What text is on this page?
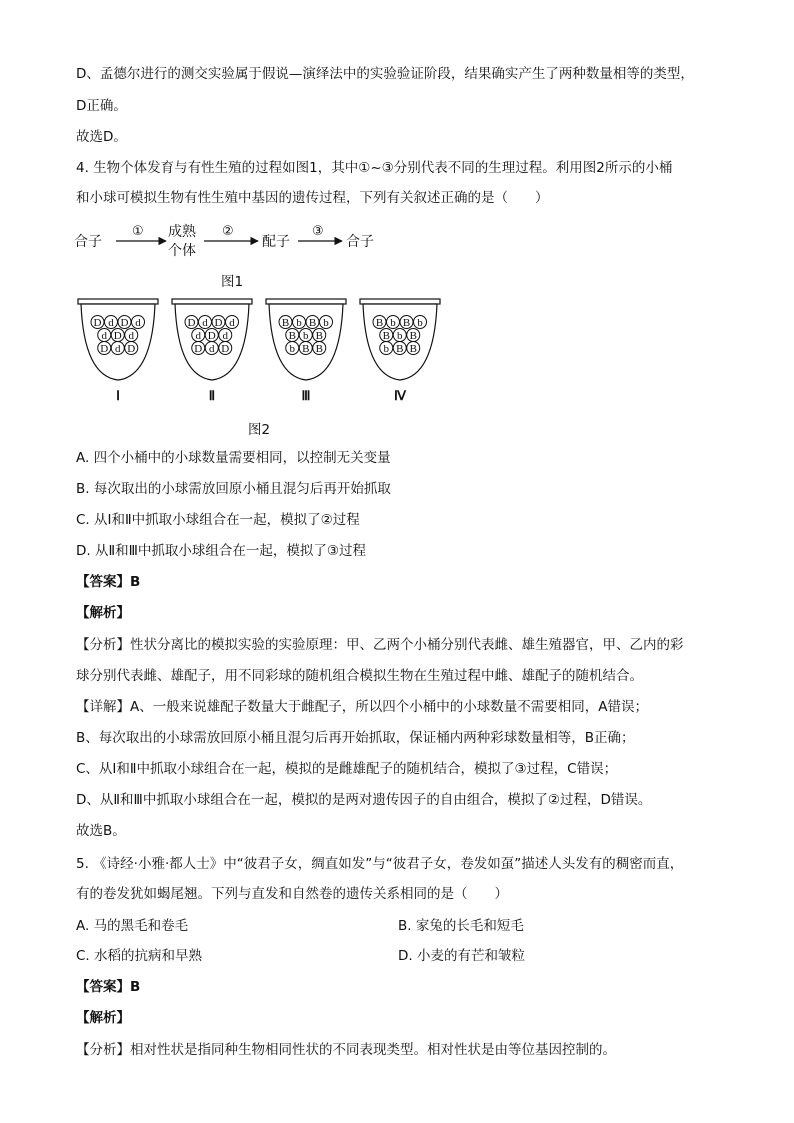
D、孟德尔进行的测交实验属于假说—演绎法中的实验验证阶段，结果确实产生了两种数量相等的类型，
D正确。
故选D。
4. 生物个体发育与有性生殖的过程如图1，其中①~③分别代表不同的生理过程。利用图2所示的小桶
和小球可模拟生物有性生殖中基因的遗传过程，下列有关叙述正确的是（　　）
合子
① 成熟
个体
②
配子
③
合子
图1
D d D d
d D d
D d D
Ⅰ
D d D d
d D d
D d D
Ⅱ
B b B b
B b B
b B B
Ⅲ
B b B b
B b B
b B B
Ⅳ
图2
A. 四个小桶中的小球数量需要相同，以控制无关变量
B. 每次取出的小球需放回原小桶且混匀后再开始抓取
C. 从Ⅰ和Ⅱ中抓取小球组合在一起，模拟了②过程
D. 从Ⅱ和Ⅲ中抓取小球组合在一起，模拟了③过程
【答案】B
【解析】
【分析】性状分离比的模拟实验的实验原理：甲、乙两个小桶分别代表雌、雄生殖器官，甲、乙内的彩
球分别代表雌、雄配子，用不同彩球的随机组合模拟生物在生殖过程中雌、雄配子的随机结合。
【详解】A、一般来说雄配子数量大于雌配子，所以四个小桶中的小球数量不需要相同，A错误；
B、每次取出的小球需放回原小桶且混匀后再开始抓取，保证桶内两种彩球数量相等，B正确；
C、从Ⅰ和Ⅱ中抓取小球组合在一起，模拟的是雌雄配子的随机结合，模拟了③过程，C错误；
D、从Ⅱ和Ⅲ中抓取小球组合在一起，模拟的是两对遗传因子的自由组合，模拟了②过程，D错误。
故选B。
5. 《诗经·小雅·都人士》中“彼君子女，绸直如发”与“彼君子女，卷发如虿”描述人头发有的稠密而直，
有的卷发犹如蝎尾翘。下列与直发和自然卷的遗传关系相同的是（　　）
A. 马的黑毛和卷毛	B. 家兔的长毛和短毛
C. 水稻的抗病和早熟	D. 小麦的有芒和皱粒
【答案】B
【解析】
【分析】相对性状是指同种生物相同性状的不同表现类型。相对性状是由等位基因控制的。
